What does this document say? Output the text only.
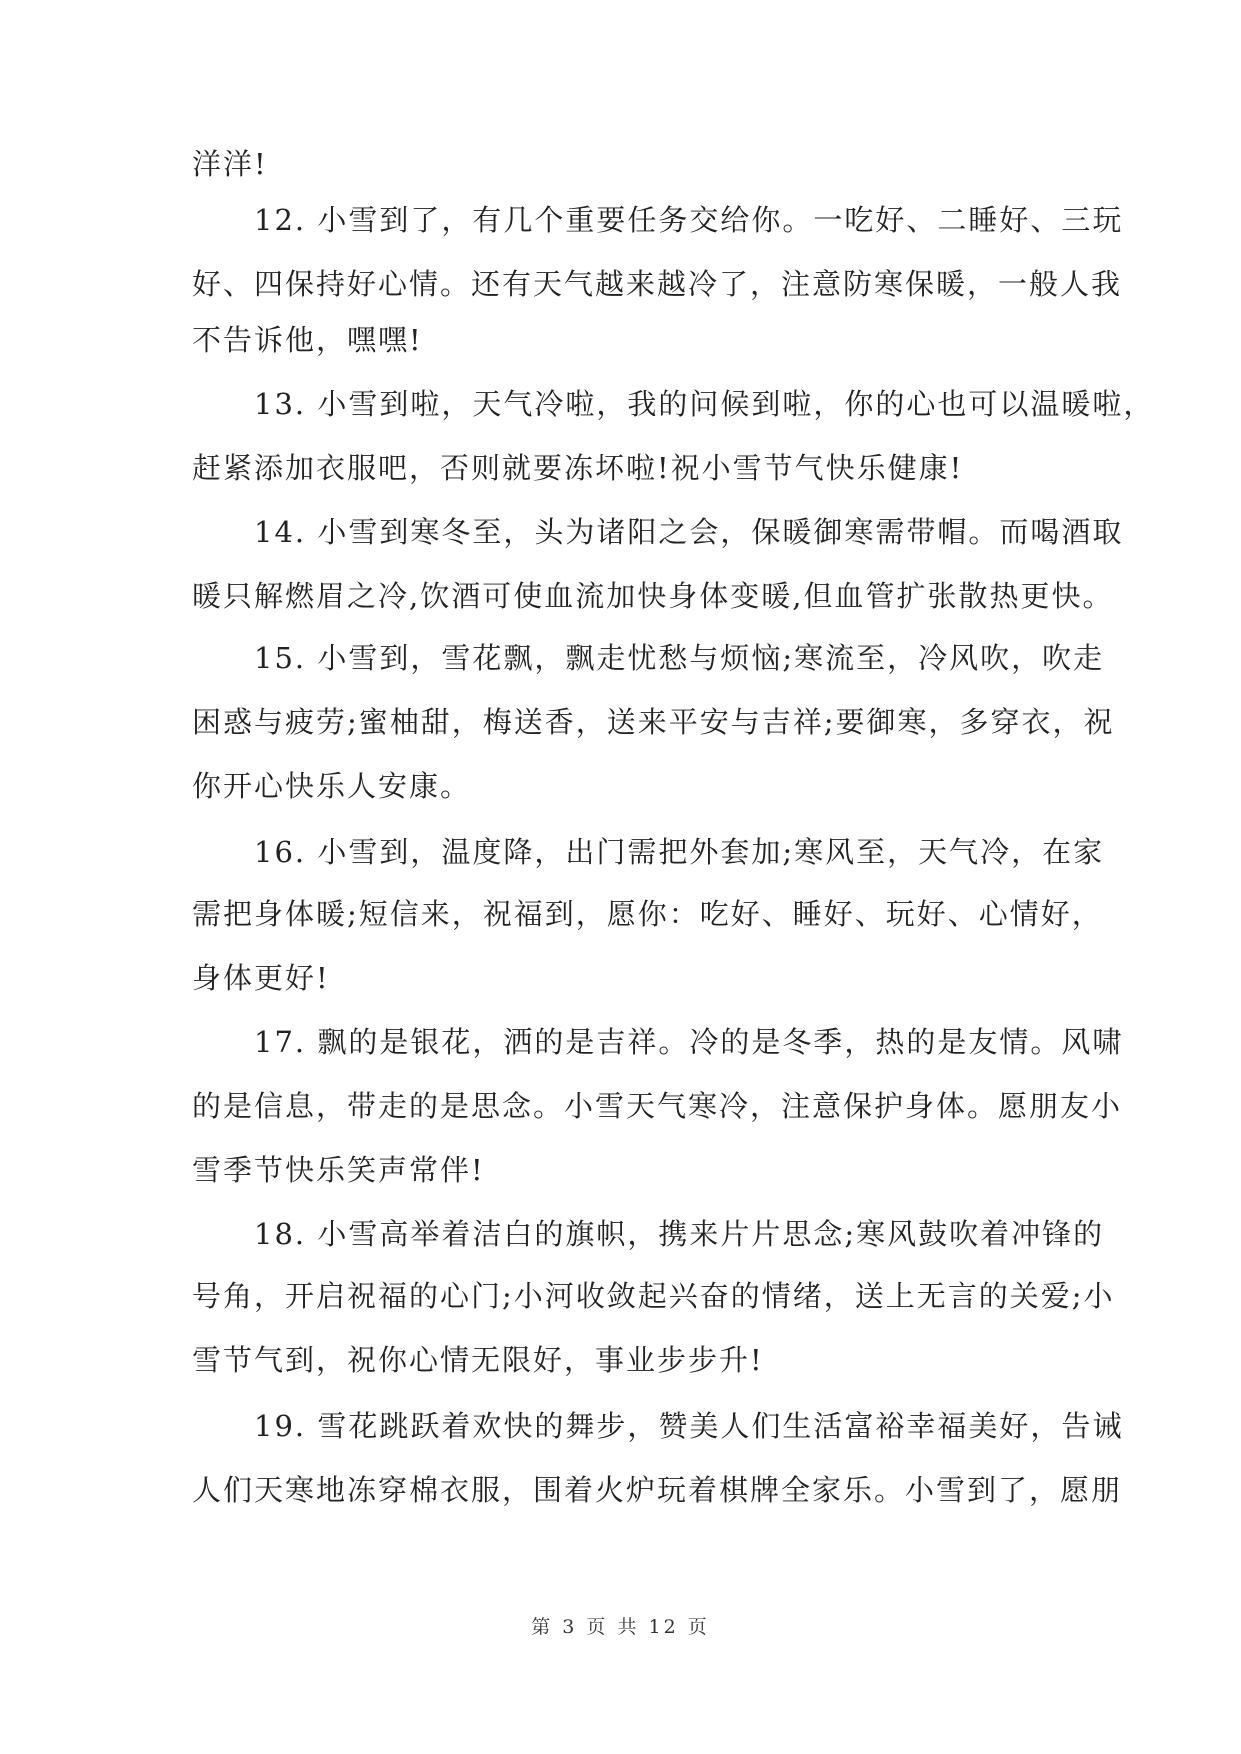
洋洋!
　　12. 小雪到了，有几个重要任务交给你。一吃好、二睡好、三玩
好、四保持好心情。还有天气越来越冷了，注意防寒保暖，一般人我
不告诉他，嘿嘿!
　　13. 小雪到啦，天气冷啦，我的问候到啦，你的心也可以温暖啦，
赶紧添加衣服吧，否则就要冻坏啦!祝小雪节气快乐健康!
　　14. 小雪到寒冬至，头为诸阳之会，保暖御寒需带帽。而喝酒取
暖只解燃眉之冷,饮酒可使血流加快身体变暖,但血管扩张散热更快。
　　15. 小雪到，雪花飘，飘走忧愁与烦恼;寒流至，冷风吹，吹走
困惑与疲劳;蜜柚甜，梅送香，送来平安与吉祥;要御寒，多穿衣，祝
你开心快乐人安康。
　　16. 小雪到，温度降，出门需把外套加;寒风至，天气冷，在家
需把身体暖;短信来，祝福到，愿你：吃好、睡好、玩好、心情好，
身体更好!
　　17. 飘的是银花，洒的是吉祥。冷的是冬季，热的是友情。风啸
的是信息，带走的是思念。小雪天气寒冷，注意保护身体。愿朋友小
雪季节快乐笑声常伴!
　　18. 小雪高举着洁白的旗帜，携来片片思念;寒风鼓吹着冲锋的
号角，开启祝福的心门;小河收敛起兴奋的情绪，送上无言的关爱;小
雪节气到，祝你心情无限好，事业步步升!
　　19. 雪花跳跃着欢快的舞步，赞美人们生活富裕幸福美好，告诫
人们天寒地冻穿棉衣服，围着火炉玩着棋牌全家乐。小雪到了，愿朋
第 3 页 共 12 页
